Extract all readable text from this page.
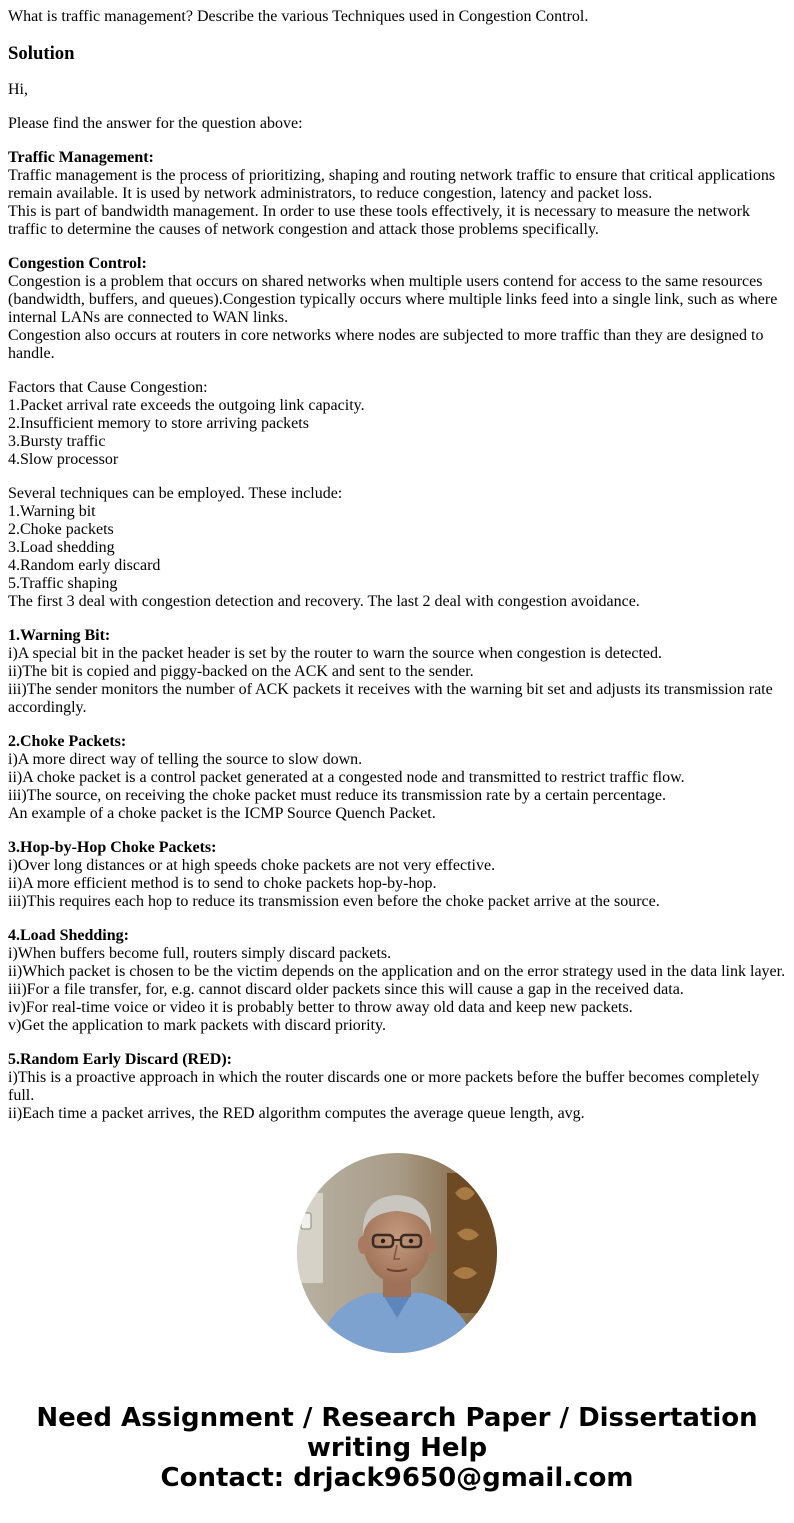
What is traffic management? Describe the various Techniques used in Congestion Control.
Solution

Hi,

Please find the answer for the question above:

Traffic Management:
Traffic management is the process of prioritizing, shaping and routing network traffic to ensure that critical applications remain available. It is used by network administrators, to reduce congestion, latency and packet loss.
This is part of bandwidth management. In order to use these tools effectively, it is necessary to measure the network traffic to determine the causes of network congestion and attack those problems specifically.

Congestion Control:
Congestion is a problem that occurs on shared networks when multiple users contend for access to the same resources (bandwidth, buffers, and queues).Congestion typically occurs where multiple links feed into a single link, such as where internal LANs are connected to WAN links.
Congestion also occurs at routers in core networks where nodes are subjected to more traffic than they are designed to handle.

Factors that Cause Congestion:
1.Packet arrival rate exceeds the outgoing link capacity.
2.Insufficient memory to store arriving packets
3.Bursty traffic
4.Slow processor

Several techniques can be employed. These include:
1.Warning bit
2.Choke packets
3.Load shedding
4.Random early discard
5.Traffic shaping
The first 3 deal with congestion detection and recovery. The last 2 deal with congestion avoidance.

1.Warning Bit:
i)A special bit in the packet header is set by the router to warn the source when congestion is detected.
ii)The bit is copied and piggy-backed on the ACK and sent to the sender.
iii)The sender monitors the number of ACK packets it receives with the warning bit set and adjusts its transmission rate accordingly.

2.Choke Packets:
i)A more direct way of telling the source to slow down.
ii)A choke packet is a control packet generated at a congested node and transmitted to restrict traffic flow.
iii)The source, on receiving the choke packet must reduce its transmission rate by a certain percentage.
An example of a choke packet is the ICMP Source Quench Packet.

3.Hop-by-Hop Choke Packets:
i)Over long distances or at high speeds choke packets are not very effective.
ii)A more efficient method is to send to choke packets hop-by-hop.
iii)This requires each hop to reduce its transmission even before the choke packet arrive at the source.

4.Load Shedding:
i)When buffers become full, routers simply discard packets.
ii)Which packet is chosen to be the victim depends on the application and on the error strategy used in the data link layer.
iii)For a file transfer, for, e.g. cannot discard older packets since this will cause a gap in the received data.
iv)For real-time voice or video it is probably better to throw away old data and keep new packets.
v)Get the application to mark packets with discard priority.

5.Random Early Discard (RED):
i)This is a proactive approach in which the router discards one or more packets before the buffer becomes completely full.
ii)Each time a packet arrives, the RED algorithm computes the average queue length, avg.

Need Assignment / Research Paper / Dissertation writing Help
Contact: drjack9650@gmail.com
